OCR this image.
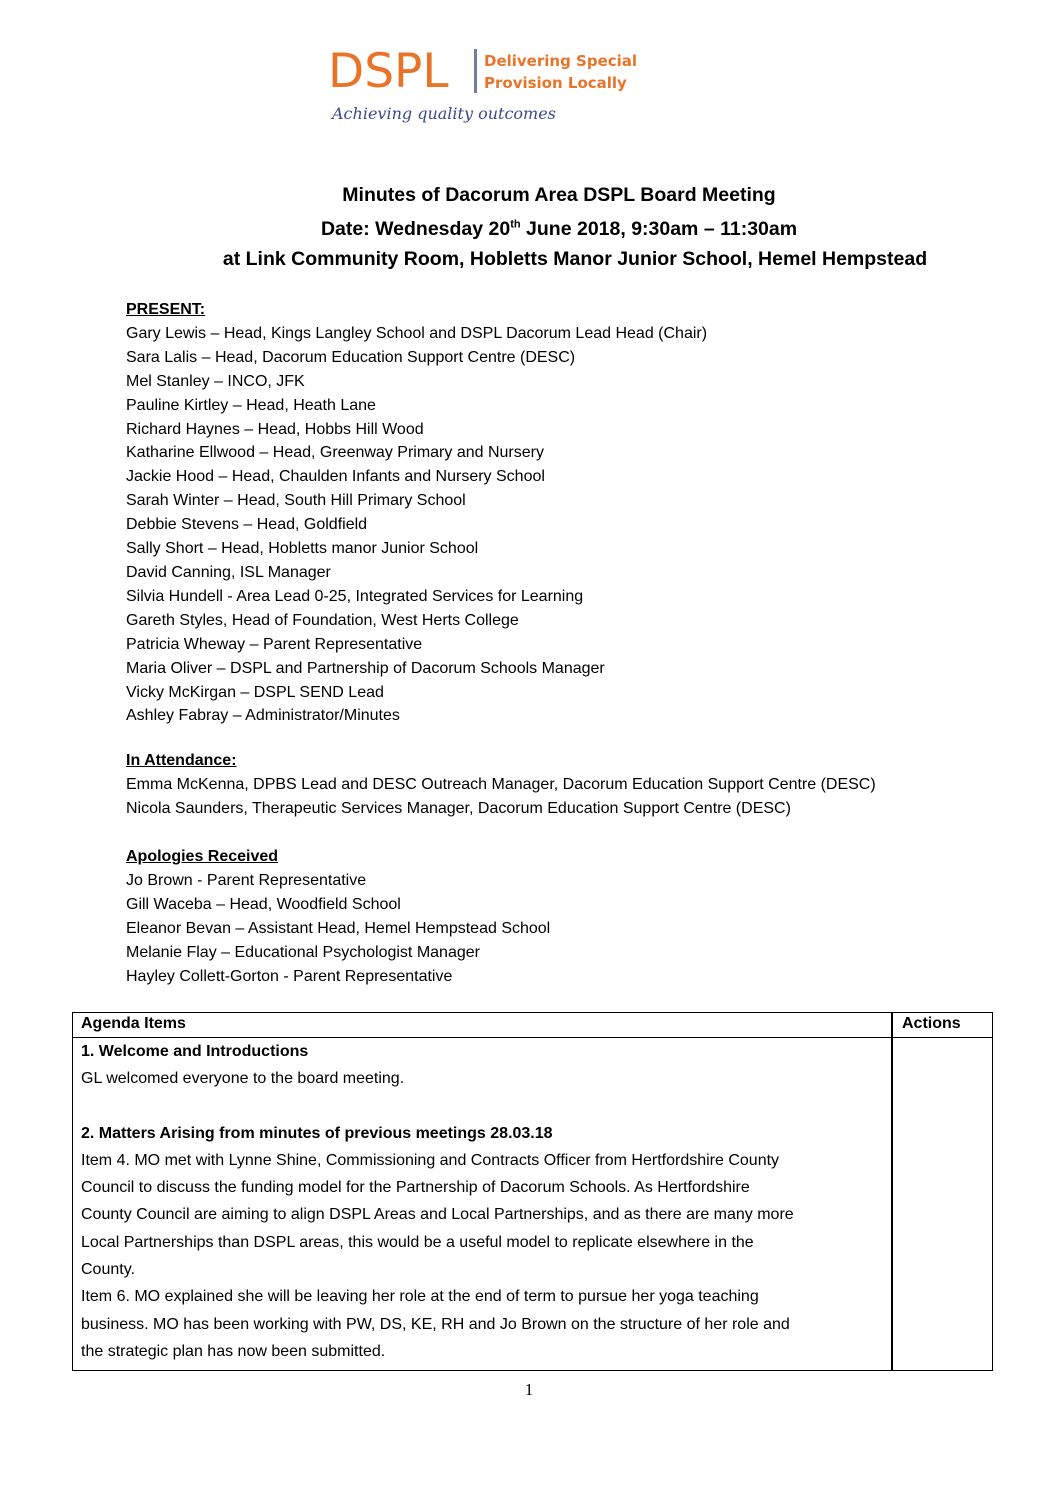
DSPL Delivering Special
Provision Locally
Achieving quality outcomes
Minutes of Dacorum Area DSPL Board Meeting
Date: Wednesday 20th June 2018, 9:30am – 11:30am
at Link Community Room, Hobletts Manor Junior School, Hemel Hempstead
PRESENT:
Gary Lewis – Head, Kings Langley School and DSPL Dacorum Lead Head (Chair)
Sara Lalis – Head, Dacorum Education Support Centre (DESC)
Mel Stanley – INCO, JFK
Pauline Kirtley – Head, Heath Lane
Richard Haynes – Head, Hobbs Hill Wood
Katharine Ellwood – Head, Greenway Primary and Nursery
Jackie Hood – Head, Chaulden Infants and Nursery School
Sarah Winter – Head, South Hill Primary School
Debbie Stevens – Head, Goldfield
Sally Short – Head, Hobletts manor Junior School
David Canning, ISL Manager
Silvia Hundell - Area Lead 0-25, Integrated Services for Learning
Gareth Styles, Head of Foundation, West Herts College
Patricia Wheway – Parent Representative
Maria Oliver – DSPL and Partnership of Dacorum Schools Manager
Vicky McKirgan – DSPL SEND Lead
Ashley Fabray – Administrator/Minutes
In Attendance:
Emma McKenna, DPBS Lead and DESC Outreach Manager, Dacorum Education Support Centre (DESC)
Nicola Saunders, Therapeutic Services Manager, Dacorum Education Support Centre (DESC)
Apologies Received
Jo Brown - Parent Representative
Gill Waceba – Head, Woodfield School
Eleanor Bevan – Assistant Head, Hemel Hempstead School
Melanie Flay – Educational Psychologist Manager
Hayley Collett-Gorton - Parent Representative
Agenda Items	Actions
1. Welcome and Introductions
GL welcomed everyone to the board meeting.
2. Matters Arising from minutes of previous meetings 28.03.18
Item 4. MO met with Lynne Shine, Commissioning and Contracts Officer from Hertfordshire County
Council to discuss the funding model for the Partnership of Dacorum Schools. As Hertfordshire
County Council are aiming to align DSPL Areas and Local Partnerships, and as there are many more
Local Partnerships than DSPL areas, this would be a useful model to replicate elsewhere in the
County.
Item 6. MO explained she will be leaving her role at the end of term to pursue her yoga teaching
business. MO has been working with PW, DS, KE, RH and Jo Brown on the structure of her role and
the strategic plan has now been submitted.
1
